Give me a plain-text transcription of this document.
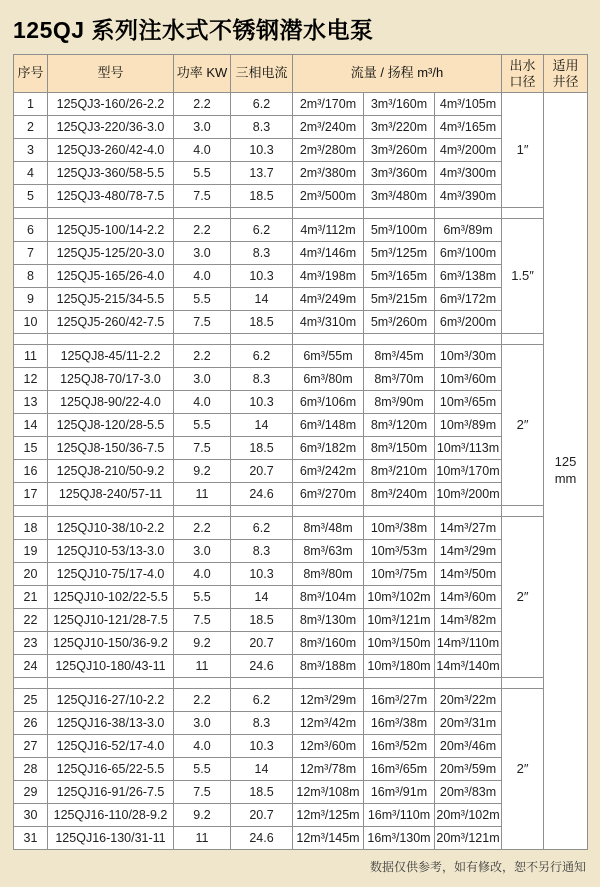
125QJ 系列注水式不锈钢潜水电泵
序号	型号	功率 KW	三相电流	流量 / 扬程 m³/h			出水口径	适用井径

1	125QJ3-160/26-2.2	2.2	6.2	2m³/170m	3m³/160m	4m³/105m	1″	125 mm

2	125QJ3-220/36-3.0	3.0	8.3	2m³/240m	3m³/220m	4m³/165m		
3	125QJ3-260/42-4.0	4.0	10.3	2m³/280m	3m³/260m	4m³/200m		
4	125QJ3-360/58-5.5	5.5	13.7	2m³/380m	3m³/360m	4m³/300m		
5	125QJ3-480/78-7.5	7.5	18.5	2m³/500m	3m³/480m	4m³/390m		

6	125QJ5-100/14-2.2	2.2	6.2	4m³/112m	5m³/100m	6m³/89m	1.5″	
7	125QJ5-125/20-3.0	3.0	8.3	4m³/146m	5m³/125m	6m³/100m		
8	125QJ5-165/26-4.0	4.0	10.3	4m³/198m	5m³/165m	6m³/138m		
9	125QJ5-215/34-5.5	5.5	14	4m³/249m	5m³/215m	6m³/172m		
10	125QJ5-260/42-7.5	7.5	18.5	4m³/310m	5m³/260m	6m³/200m		

11	125QJ8-45/11-2.2	2.2	6.2	6m³/55m	8m³/45m	10m³/30m	2″	
12	125QJ8-70/17-3.0	3.0	8.3	6m³/80m	8m³/70m	10m³/60m		
13	125QJ8-90/22-4.0	4.0	10.3	6m³/106m	8m³/90m	10m³/65m		
14	125QJ8-120/28-5.5	5.5	14	6m³/148m	8m³/120m	10m³/89m		
15	125QJ8-150/36-7.5	7.5	18.5	6m³/182m	8m³/150m	10m³/113m		
16	125QJ8-210/50-9.2	9.2	20.7	6m³/242m	8m³/210m	10m³/170m		
17	125QJ8-240/57-11	11	24.6	6m³/270m	8m³/240m	10m³/200m		

18	125QJ10-38/10-2.2	2.2	6.2	8m³/48m	10m³/38m	14m³/27m	2″	
19	125QJ10-53/13-3.0	3.0	8.3	8m³/63m	10m³/53m	14m³/29m		
20	125QJ10-75/17-4.0	4.0	10.3	8m³/80m	10m³/75m	14m³/50m		
21	125QJ10-102/22-5.5	5.5	14	8m³/104m	10m³/102m	14m³/60m		
22	125QJ10-121/28-7.5	7.5	18.5	8m³/130m	10m³/121m	14m³/82m		
23	125QJ10-150/36-9.2	9.2	20.7	8m³/160m	10m³/150m	14m³/110m		
24	125QJ10-180/43-11	11	24.6	8m³/188m	10m³/180m	14m³/140m		

25	125QJ16-27/10-2.2	2.2	6.2	12m³/29m	16m³/27m	20m³/22m	2″	
26	125QJ16-38/13-3.0	3.0	8.3	12m³/42m	16m³/38m	20m³/31m		
27	125QJ16-52/17-4.0	4.0	10.3	12m³/60m	16m³/52m	20m³/46m		
28	125QJ16-65/22-5.5	5.5	14	12m³/78m	16m³/65m	20m³/59m		
29	125QJ16-91/26-7.5	7.5	18.5	12m³/108m	16m³/91m	20m³/83m		
30	125QJ16-110/28-9.2	9.2	20.7	12m³/125m	16m³/110m	20m³/102m		
31	125QJ16-130/31-11	11	24.6	12m³/145m	16m³/130m	20m³/121m		
数据仅供参考，如有修改，恕不另行通知
